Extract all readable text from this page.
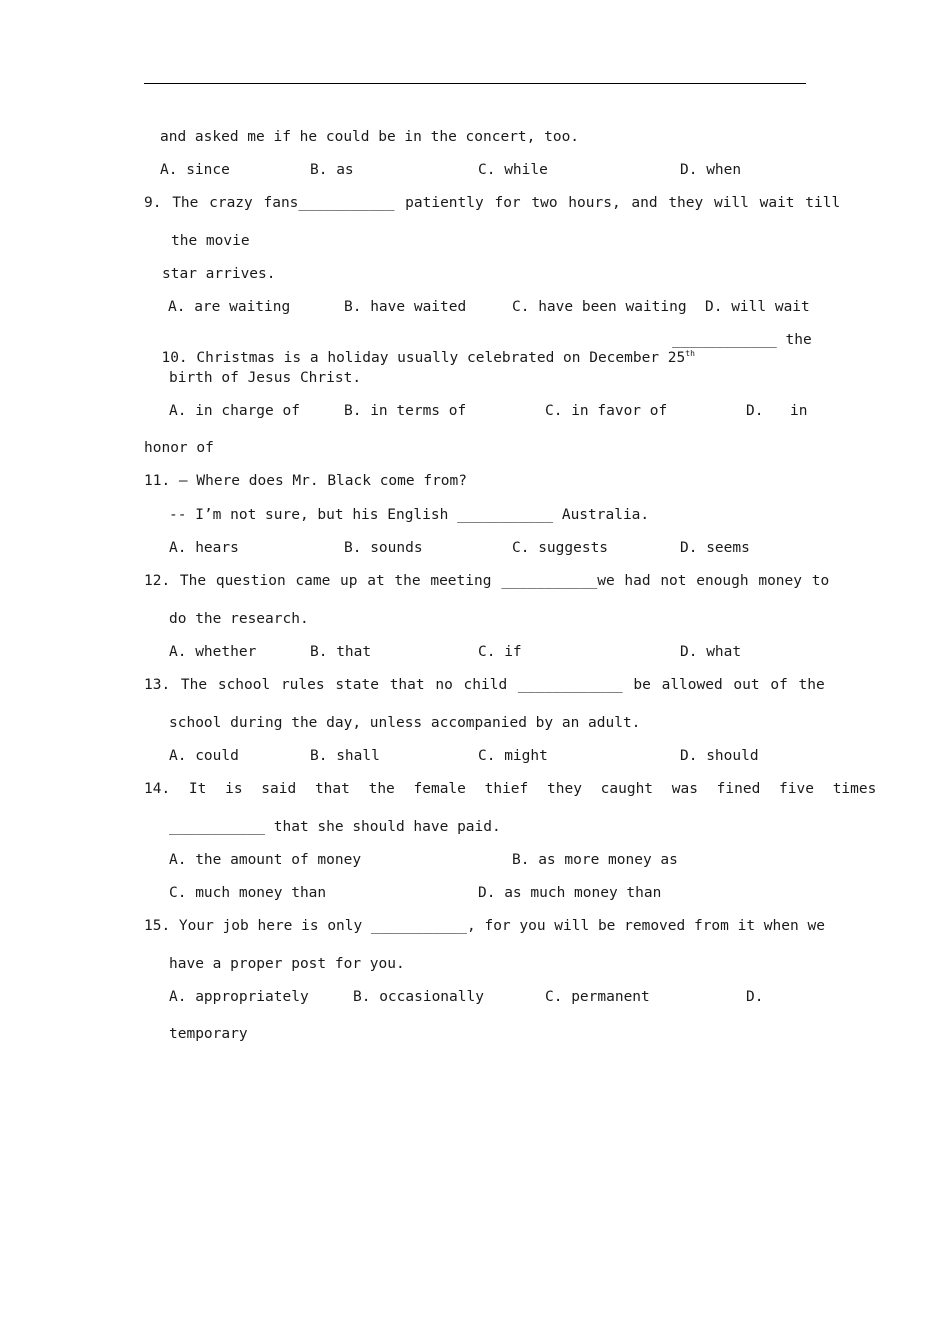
and asked me if he could be in the concert, too.
A. since	B. as	C. while	D. when
9. The crazy fans___________ patiently for two hours, and they will wait till
the movie
star arrives.
A. are waiting	B. have waited	C. have been waiting D. will wait

10. Christmas is a holiday usually celebrated on December 25th

____________ the
birth of Jesus Christ.
A. in charge of	B. in terms of	C. in favor of	D. in
honor of
11. – Where does Mr. Black come from?
-- I’m not sure, but his English ___________ Australia.
A. hears	B. sounds	C. suggests	D. seems
12. The question came up at the meeting ___________we had not enough money to
do the research.
A. whether	B. that	C. if	D. what
13. The school rules state that no child ____________ be allowed out of the
school during the day, unless accompanied by an adult.
A. could	B. shall	C. might	D. should
14. It is said that the female thief they caught was fined five times
___________ that she should have paid.
A. the amount of money	B. as more money as
C. much money than	D. as much money than
15. Your job here is only ___________, for you will be removed from it when we
have a proper post for you.
A. appropriately	B. occasionally	C. permanent	D.
temporary
